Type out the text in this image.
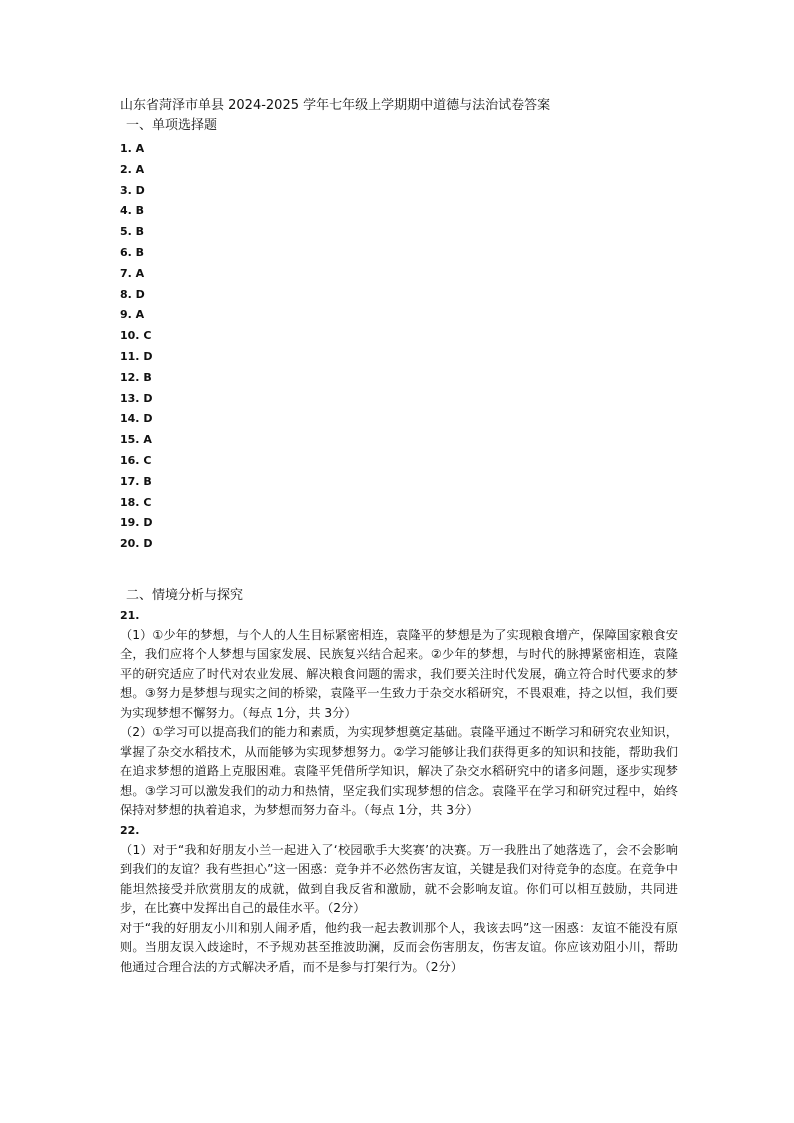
山东省菏泽市单县 2024-2025 学年七年级上学期期中道德与法治试卷答案
一、单项选择题
1. A
2. A
3. D
4. B
5. B
6. B
7. A
8. D
9. A
10. C
11. D
12. B
13. D
14. D
15. A
16. C
17. B
18. C
19. D
20. D
二、情境分析与探究

21.

（1）①少年的梦想，与个人的人生目标紧密相连，袁隆平的梦想是为了实现粮食增产，保障国家粮食安全，我们应将个人梦想与国家发展、民族复兴结合起来。②少年的梦想，与时代的脉搏紧密相连，袁隆平的研究适应了时代对农业发展、解决粮食问题的需求，我们要关注时代发展，确立符合时代要求的梦想。③努力是梦想与现实之间的桥梁，袁隆平一生致力于杂交水稻研究，不畏艰难，持之以恒，我们要为实现梦想不懈努力。（每点 1分，共 3分）

（2）①学习可以提高我们的能力和素质，为实现梦想奠定基础。袁隆平通过不断学习和研究农业知识，掌握了杂交水稻技术，从而能够为实现梦想努力。②学习能够让我们获得更多的知识和技能，帮助我们在追求梦想的道路上克服困难。袁隆平凭借所学知识，解决了杂交水稻研究中的诸多问题，逐步实现梦想。③学习可以激发我们的动力和热情，坚定我们实现梦想的信念。袁隆平在学习和研究过程中，始终保持对梦想的执着追求，为梦想而努力奋斗。（每点 1分，共 3分）

22.

（1）对于“我和好朋友小兰一起进入了‘校园歌手大奖赛’的决赛。万一我胜出了她落选了，会不会影响到我们的友谊？我有些担心”这一困惑：竞争并不必然伤害友谊，关键是我们对待竞争的态度。在竞争中能坦然接受并欣赏朋友的成就，做到自我反省和激励，就不会影响友谊。你们可以相互鼓励，共同进步，在比赛中发挥出自己的最佳水平。（2分）

对于“我的好朋友小川和别人闹矛盾，他约我一起去教训那个人，我该去吗”这一困惑：友谊不能没有原则。当朋友误入歧途时，不予规劝甚至推波助澜，反而会伤害朋友，伤害友谊。你应该劝阻小川，帮助他通过合理合法的方式解决矛盾，而不是参与打架行为。（2分）
